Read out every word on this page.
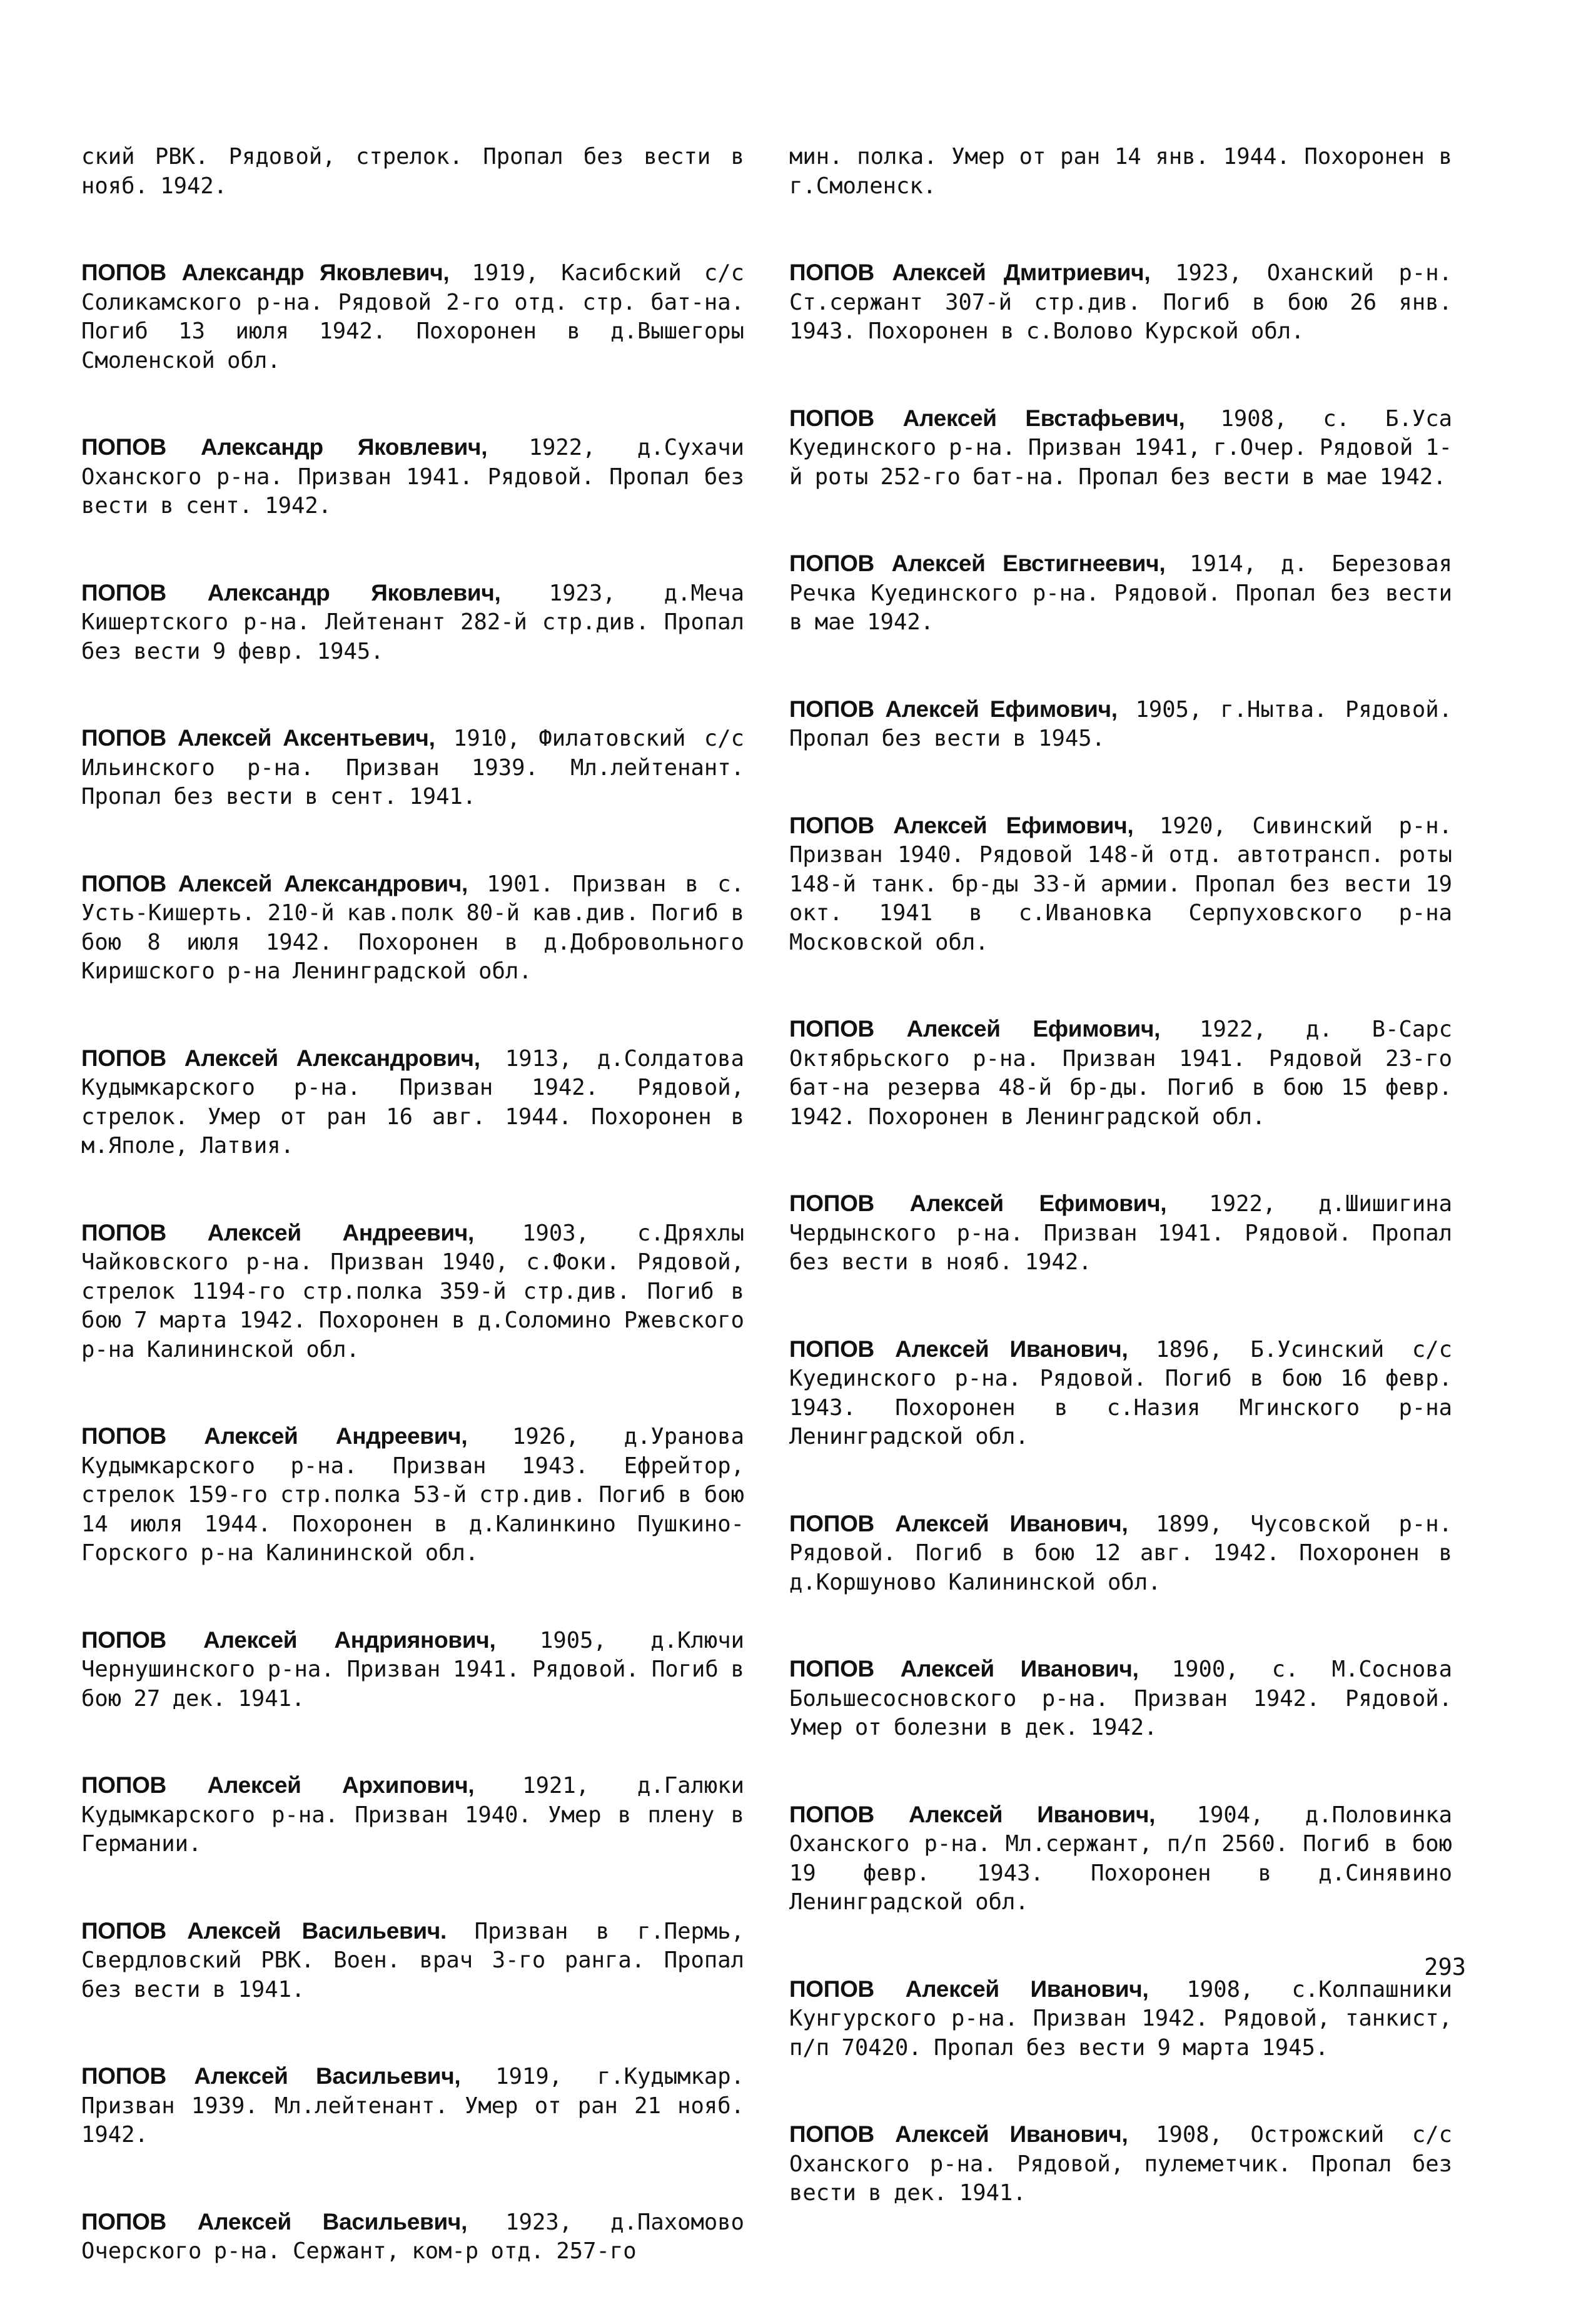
ский РВК. Рядовой, стрелок. Пропал без вести в нояб. 1942.

ПОПОВ Александр Яковлевич, 1919, Касибский с/с Соликамского р-на. Рядовой 2-го отд. стр. бат-на. Погиб 13 июля 1942. Похоронен в д.Вышегоры Смоленской обл.

ПОПОВ Александр Яковлевич, 1922, д.Сухачи Оханского р-на. Призван 1941. Рядовой. Пропал без вести в сент. 1942.

ПОПОВ Александр Яковлевич, 1923, д.Меча Кишертского р-на. Лейтенант 282-й стр.див. Пропал без вести 9 февр. 1945.

ПОПОВ Алексей Аксентьевич, 1910, Филатовский с/с Ильинского р-на. Призван 1939. Мл.лейтенант. Пропал без вести в сент. 1941.

ПОПОВ Алексей Александрович, 1901. Призван в с. Усть-Кишерть. 210-й кав.полк 80-й кав.див. Погиб в бою 8 июля 1942. Похоронен в д.Добровольного Киришского р-на Ленинградской обл.

ПОПОВ Алексей Александрович, 1913, д.Солдатова Кудымкарского р-на. Призван 1942. Рядовой, стрелок. Умер от ран 16 авг. 1944. Похоронен в м.Яполе, Латвия.

ПОПОВ Алексей Андреевич, 1903, с.Дряхлы Чайковского р-на. Призван 1940, с.Фоки. Рядовой, стрелок 1194-го стр.полка 359-й стр.див. Погиб в бою 7 марта 1942. Похоронен в д.Соломино Ржевского р-на Калининской обл.

ПОПОВ Алексей Андреевич, 1926, д.Уранова Кудымкарского р-на. Призван 1943. Ефрейтор, стрелок 159-го стр.полка 53-й стр.див. Погиб в бою 14 июля 1944. Похоронен в д.Калинкино Пушкино-Горского р-на Калининской обл.

ПОПОВ Алексей Андриянович, 1905, д.Ключи Чернушинского р-на. Призван 1941. Рядовой. Погиб в бою 27 дек. 1941.

ПОПОВ Алексей Архипович, 1921, д.Галюки Кудымкарского р-на. Призван 1940. Умер в плену в Германии.

ПОПОВ Алексей Васильевич. Призван в г.Пермь, Свердловский РВК. Воен. врач 3-го ранга. Пропал без вести в 1941.

ПОПОВ Алексей Васильевич, 1919, г.Кудымкар. Призван 1939. Мл.лейтенант. Умер от ран 21 нояб. 1942.

ПОПОВ Алексей Васильевич, 1923, д.Пахомово Очерского р-на. Сержант, ком-р отд. 257-го

мин. полка. Умер от ран 14 янв. 1944. Похоронен в г.Смоленск.

ПОПОВ Алексей Дмитриевич, 1923, Оханский р-н. Ст.сержант 307-й стр.див. Погиб в бою 26 янв. 1943. Похоронен в с.Волово Курской обл.

ПОПОВ Алексей Евстафьевич, 1908, с. Б.Уса Куединского р-на. Призван 1941, г.Очер. Рядовой 1-й роты 252-го бат-на. Пропал без вести в мае 1942.

ПОПОВ Алексей Евстигнеевич, 1914, д. Березовая Речка Куединского р-на. Рядовой. Пропал без вести в мае 1942.

ПОПОВ Алексей Ефимович, 1905, г.Нытва. Рядовой. Пропал без вести в 1945.

ПОПОВ Алексей Ефимович, 1920, Сивинский р-н. Призван 1940. Рядовой 148-й отд. автотрансп. роты 148-й танк. бр-ды 33-й армии. Пропал без вести 19 окт. 1941 в с.Ивановка Серпуховского р-на Московской обл.

ПОПОВ Алексей Ефимович, 1922, д. В-Сарс Октябрьского р-на. Призван 1941. Рядовой 23-го бат-на резерва 48-й бр-ды. Погиб в бою 15 февр. 1942. Похоронен в Ленинградской обл.

ПОПОВ Алексей Ефимович, 1922, д.Шишигина Чердынского р-на. Призван 1941. Рядовой. Пропал без вести в нояб. 1942.

ПОПОВ Алексей Иванович, 1896, Б.Усинский с/с Куединского р-на. Рядовой. Погиб в бою 16 февр. 1943. Похоронен в с.Назия Мгинского р-на Ленинградской обл.

ПОПОВ Алексей Иванович, 1899, Чусовской р-н. Рядовой. Погиб в бою 12 авг. 1942. Похоронен в д.Коршуново Калининской обл.

ПОПОВ Алексей Иванович, 1900, с. М.Соснова Большесосновского р-на. Призван 1942. Рядовой. Умер от болезни в дек. 1942.

ПОПОВ Алексей Иванович, 1904, д.Половинка Оханского р-на. Мл.сержант, п/п 2560. Погиб в бою 19 февр. 1943. Похоронен в д.Синявино Ленинградской обл.

ПОПОВ Алексей Иванович, 1908, с.Колпашники Кунгурского р-на. Призван 1942. Рядовой, танкист, п/п 70420. Пропал без вести 9 марта 1945.

ПОПОВ Алексей Иванович, 1908, Острожский с/с Оханского р-на. Рядовой, пулеметчик. Пропал без вести в дек. 1941.

293
